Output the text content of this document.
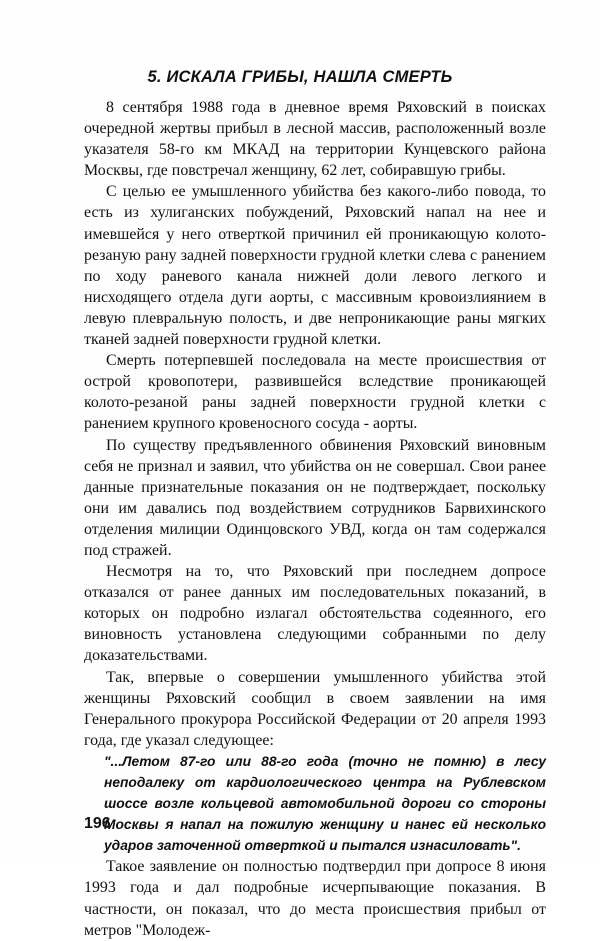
5. ИСКАЛА ГРИБЫ, НАШЛА СМЕРТЬ

8 сентября 1988 года в дневное время Ряховский в поисках очередной жертвы прибыл в лесной массив, расположенный возле указателя 58-го км МКАД на территории Кунцевского района Москвы, где повстречал женщину, 62 лет, собиравшую грибы.

С целью ее умышленного убийства без какого-либо повода, то есть из хулиганских побуждений, Ряховский напал на нее и имевшейся у него отверткой причинил ей проникающую колото-резаную рану задней поверхности грудной клетки слева с ранением по ходу раневого канала нижней доли левого легкого и нисходящего отдела дуги аорты, с массивным кровоизлиянием в левую плевральную полость, и две непроникающие раны мягких тканей задней поверхности грудной клетки.

Смерть потерпевшей последовала на месте происшествия от острой кровопотери, развившейся вследствие проникающей колото-резаной раны задней поверхности грудной клетки с ранением крупного кровеносного сосуда - аорты.

По существу предъявленного обвинения Ряховский виновным себя не признал и заявил, что убийства он не совершал. Свои ранее данные признательные показания он не подтверждает, поскольку они им давались под воздействием сотрудников Барвихинского отделения милиции Одинцовского УВД, когда он там содержался под стражей.

Несмотря на то, что Ряховский при последнем допросе отказался от ранее данных им последовательных показаний, в которых он подробно излагал обстоятельства содеянного, его виновность установлена следующими собранными по делу доказательствами.

Так, впервые о совершении умышленного убийства этой женщины Ряховский сообщил в своем заявлении на имя Генерального прокурора Российской Федерации от 20 апреля 1993 года, где указал следующее:

"...Летом 87-го или 88-го года (точно не помню) в лесу неподалеку от кардиологического центра на Рублевском шоссе возле кольцевой автомобильной дороги со стороны Москвы я напал на пожилую женщину и нанес ей несколько ударов заточенной отверткой и пытался изнасиловать".

Такое заявление он полностью подтвердил при допросе 8 июня 1993 года и дал подробные исчерпывающие показания. В частности, он показал, что до места происшествия прибыл от метров "Молодеж-

196
